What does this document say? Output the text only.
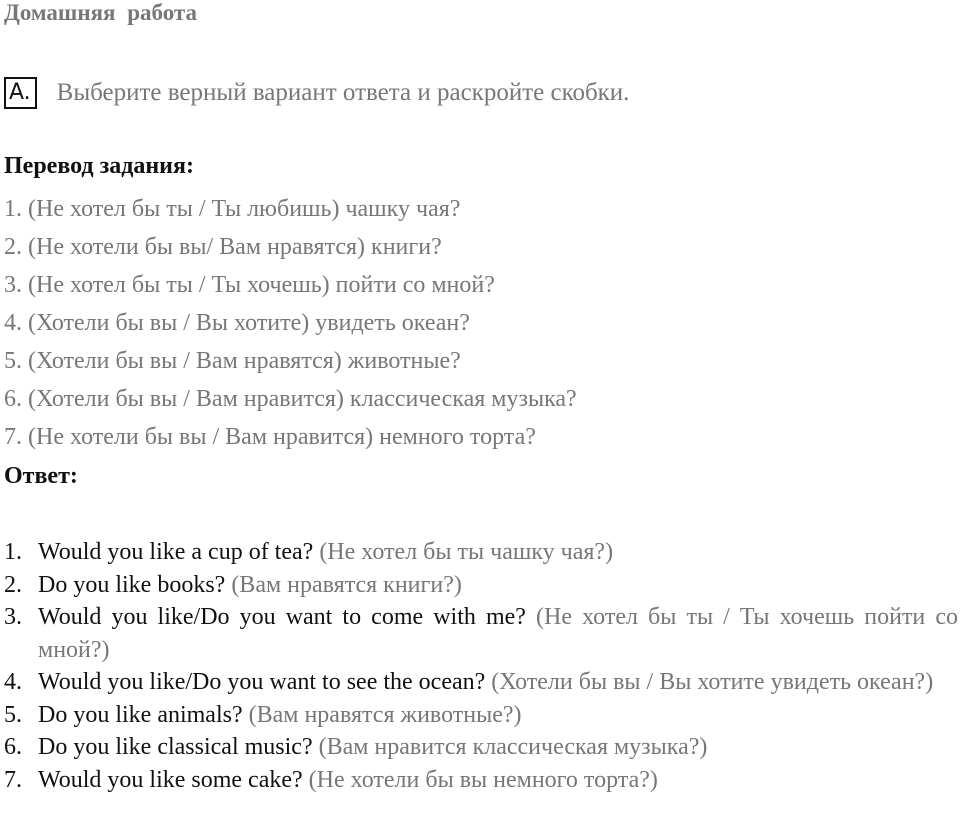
Домашняя работа
A. Выберите верный вариант ответа и раскройте скобки.
Перевод задания:
1. (Не хотел бы ты / Ты любишь) чашку чая?
2. (Не хотели бы вы/ Вам нравятся) книги?
3. (Не хотел бы ты / Ты хочешь) пойти со мной?
4. (Хотели бы вы / Вы хотите) увидеть океан?
5. (Хотели бы вы / Вам нравятся) животные?
6. (Хотели бы вы / Вам нравится) классическая музыка?
7. (Не хотели бы вы / Вам нравится) немного торта?
Ответ:
1. Would you like a cup of tea? (Не хотел бы ты чашку чая?)
2. Do you like books? (Вам нравятся книги?)
3. Would you like/Do you want to come with me? (Не хотел бы ты / Ты хочешь пойти со мной?)
4. Would you like/Do you want to see the ocean? (Хотели бы вы / Вы хотите увидеть океан?)
5. Do you like animals? (Вам нравятся животные?)
6. Do you like classical music? (Вам нравится классическая музыка?)
7. Would you like some cake? (Не хотели бы вы немного торта?)
